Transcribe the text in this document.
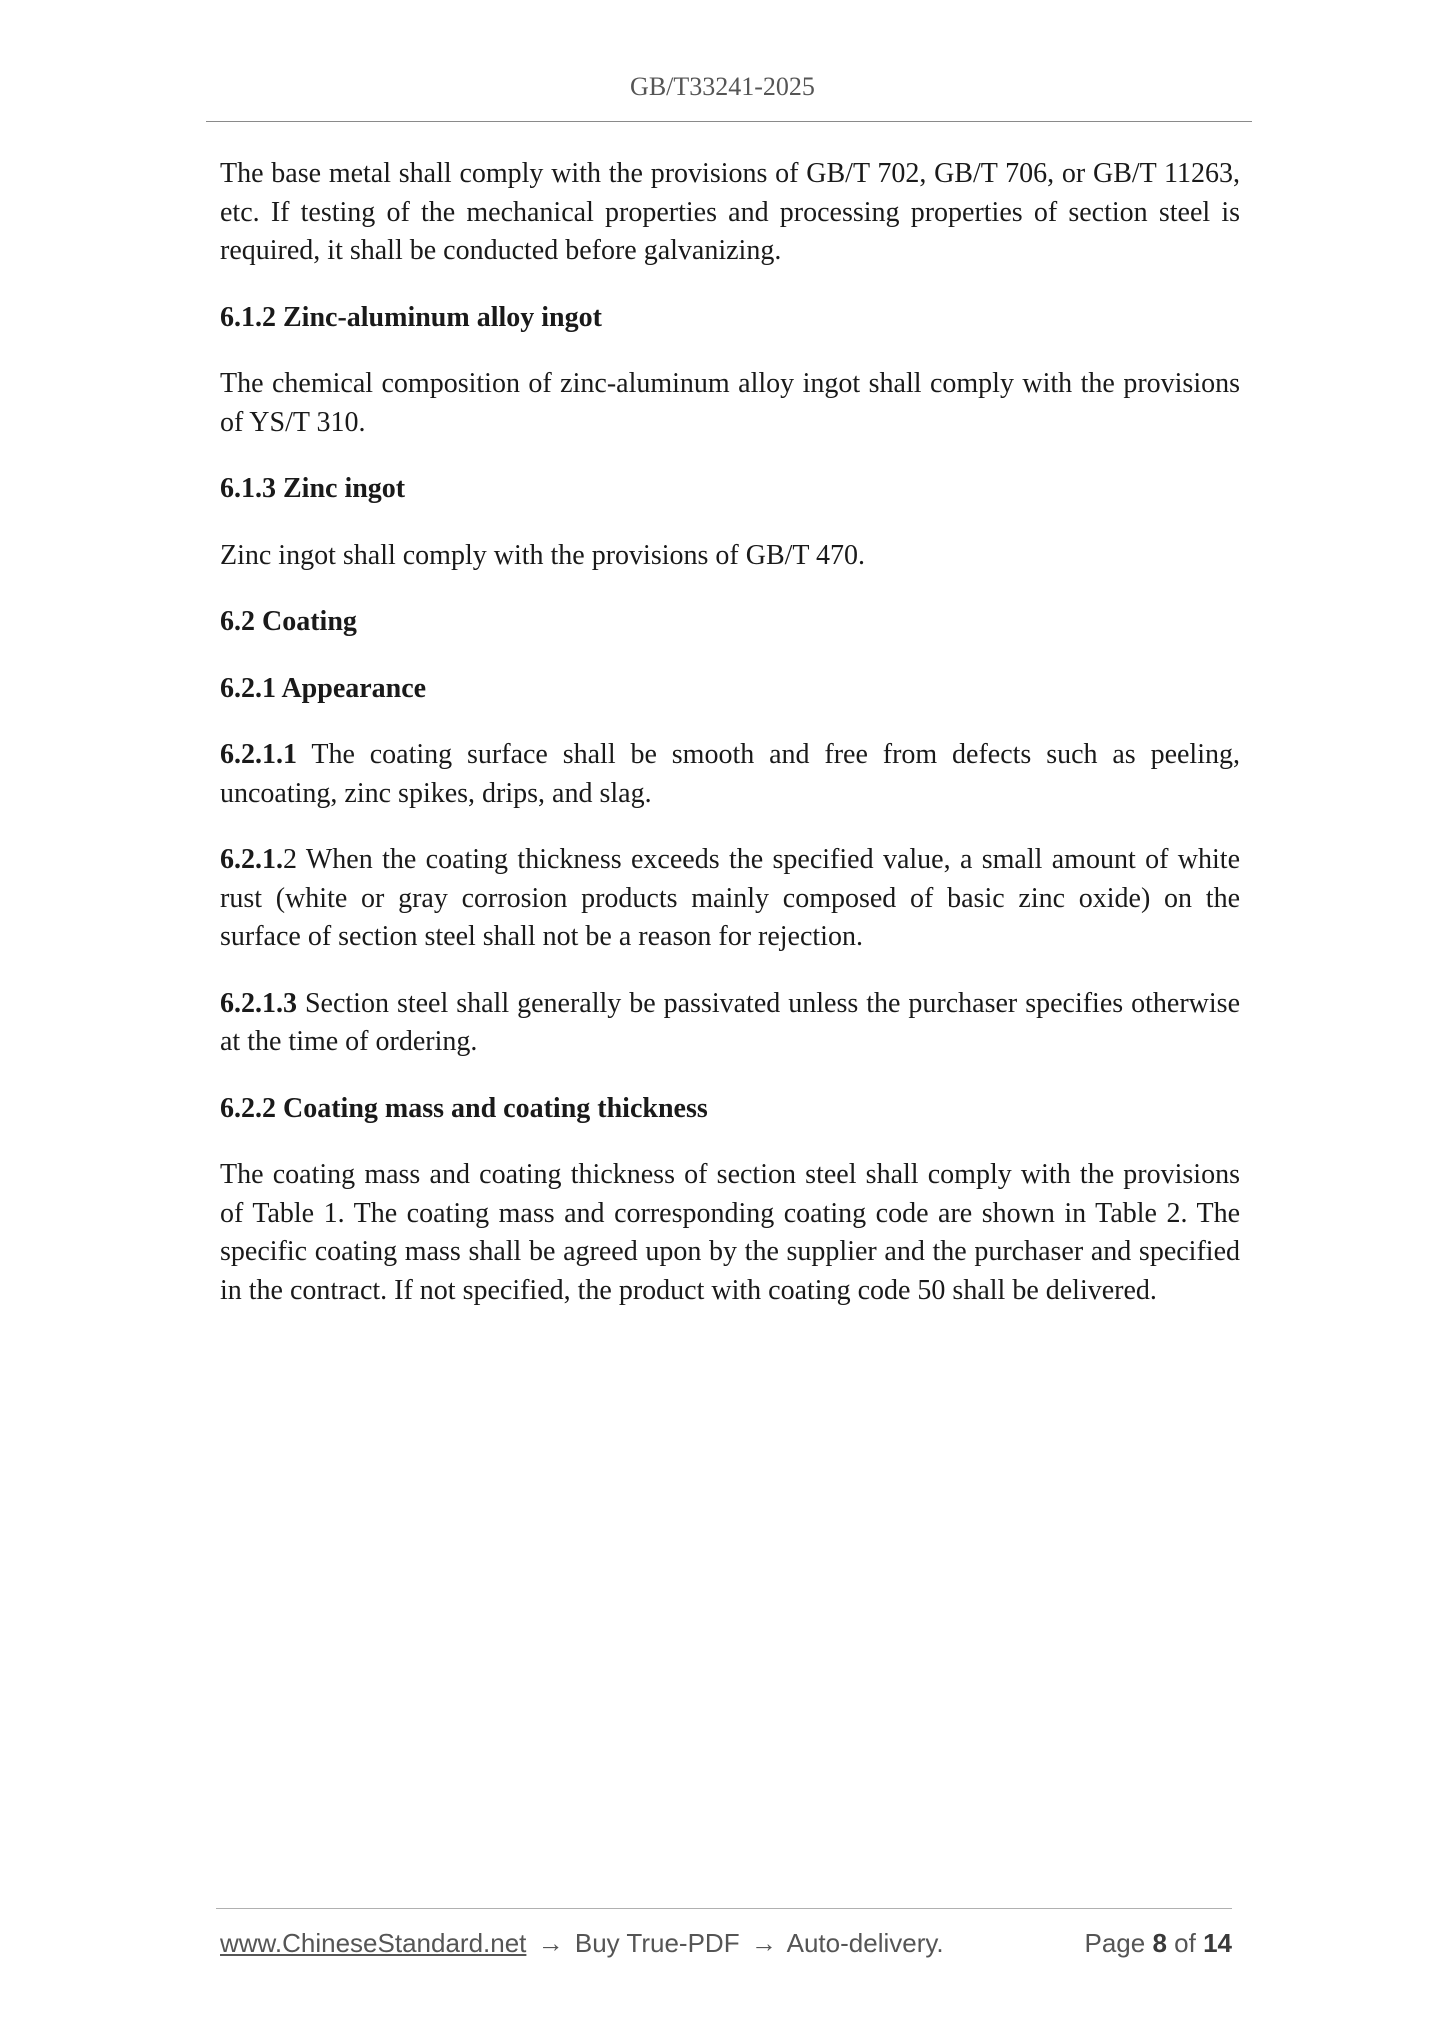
GB/T33241-2025

The base metal shall comply with the provisions of GB/T 702, GB/T 706, or GB/T 11263, etc. If testing of the mechanical properties and processing properties of section steel is required, it shall be conducted before galvanizing.

6.1.2 Zinc-aluminum alloy ingot

The chemical composition of zinc-aluminum alloy ingot shall comply with the provisions of YS/T 310.

6.1.3 Zinc ingot

Zinc ingot shall comply with the provisions of GB/T 470.

6.2 Coating

6.2.1 Appearance

6.2.1.1 The coating surface shall be smooth and free from defects such as peeling, uncoating, zinc spikes, drips, and slag.

6.2.1.2 When the coating thickness exceeds the specified value, a small amount of white rust (white or gray corrosion products mainly composed of basic zinc oxide) on the surface of section steel shall not be a reason for rejection.

6.2.1.3 Section steel shall generally be passivated unless the purchaser specifies otherwise at the time of ordering.

6.2.2 Coating mass and coating thickness

The coating mass and coating thickness of section steel shall comply with the provisions of Table 1. The coating mass and corresponding coating code are shown in Table 2. The specific coating mass shall be agreed upon by the supplier and the purchaser and specified in the contract. If not specified, the product with coating code 50 shall be delivered.

www.ChineseStandard.net → Buy True-PDF → Auto-delivery.	Page 8 of 14
